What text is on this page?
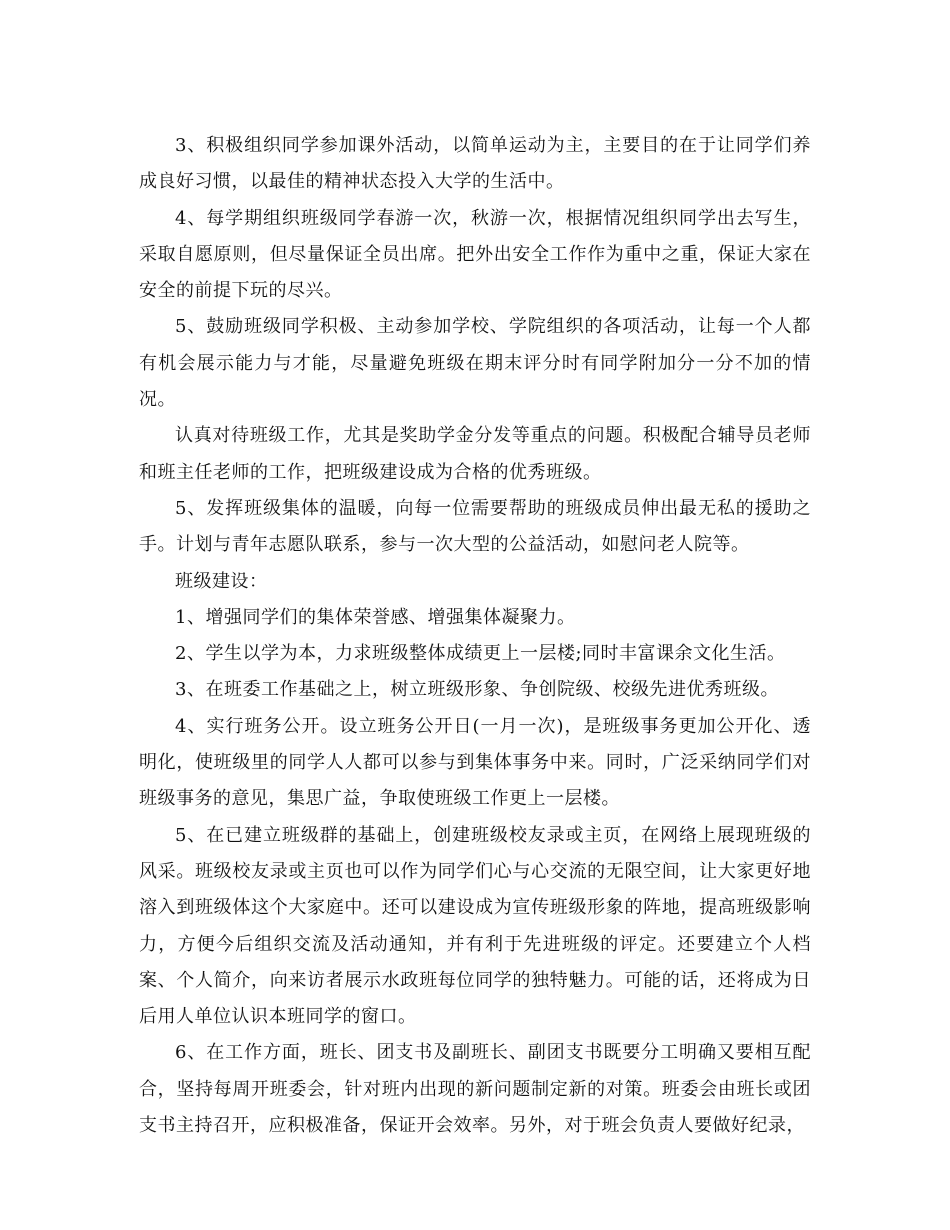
3、积极组织同学参加课外活动，以简单运动为主，主要目的在于让同学们养成良好习惯，以最佳的精神状态投入大学的生活中。

4、每学期组织班级同学春游一次，秋游一次，根据情况组织同学出去写生，采取自愿原则，但尽量保证全员出席。把外出安全工作作为重中之重，保证大家在安全的前提下玩的尽兴。

5、鼓励班级同学积极、主动参加学校、学院组织的各项活动，让每一个人都有机会展示能力与才能，尽量避免班级在期末评分时有同学附加分一分不加的情况。

认真对待班级工作，尤其是奖助学金分发等重点的问题。积极配合辅导员老师和班主任老师的工作，把班级建设成为合格的优秀班级。

5、发挥班级集体的温暖，向每一位需要帮助的班级成员伸出最无私的援助之手。计划与青年志愿队联系，参与一次大型的公益活动，如慰问老人院等。

班级建设：

1、增强同学们的集体荣誉感、增强集体凝聚力。

2、学生以学为本，力求班级整体成绩更上一层楼;同时丰富课余文化生活。

3、在班委工作基础之上，树立班级形象、争创院级、校级先进优秀班级。

4、实行班务公开。设立班务公开日(一月一次)，是班级事务更加公开化、透明化，使班级里的同学人人都可以参与到集体事务中来。同时，广泛采纳同学们对班级事务的意见，集思广益，争取使班级工作更上一层楼。

5、在已建立班级群的基础上，创建班级校友录或主页，在网络上展现班级的风采。班级校友录或主页也可以作为同学们心与心交流的无限空间，让大家更好地溶入到班级体这个大家庭中。还可以建设成为宣传班级形象的阵地，提高班级影响力，方便今后组织交流及活动通知，并有利于先进班级的评定。还要建立个人档案、个人简介，向来访者展示水政班每位同学的独特魅力。可能的话，还将成为日后用人单位认识本班同学的窗口。

6、在工作方面，班长、团支书及副班长、副团支书既要分工明确又要相互配合，坚持每周开班委会，针对班内出现的新问题制定新的对策。班委会由班长或团支书主持召开，应积极准备，保证开会效率。另外，对于班会负责人要做好纪录，
